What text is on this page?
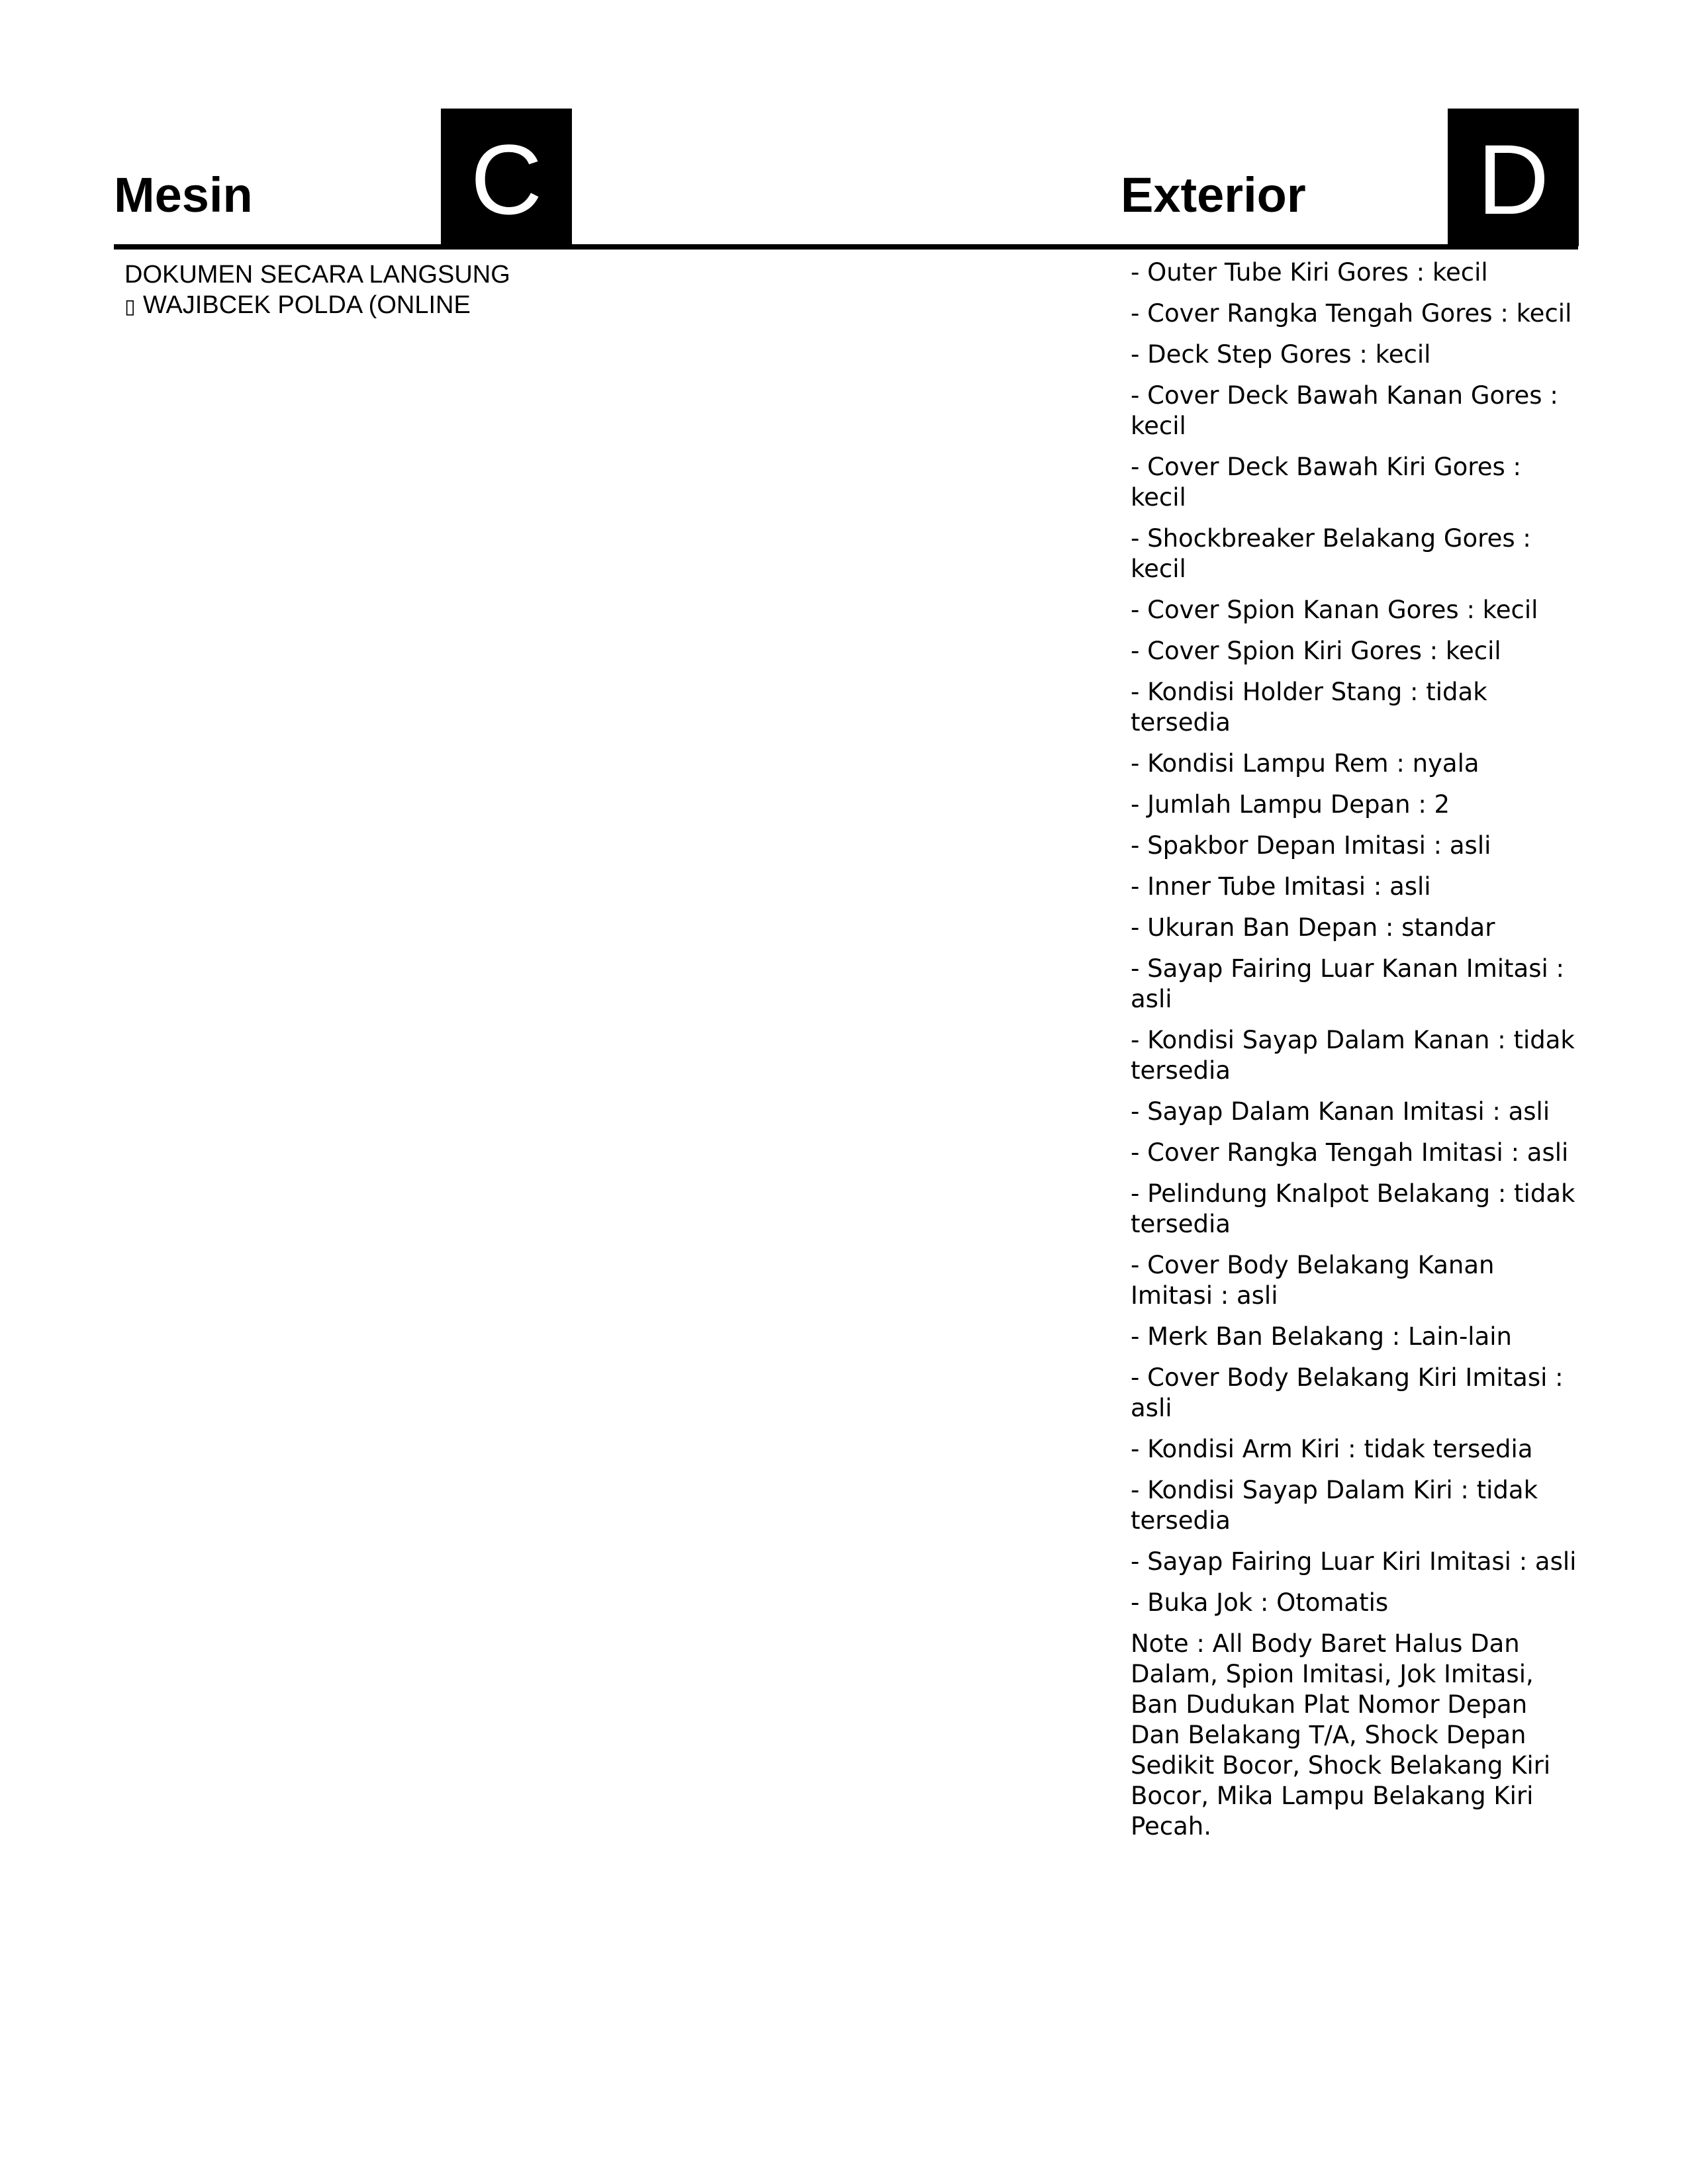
Mesin C	Exterior D
DOKUMEN SECARA LANGSUNG
▯ WAJIBCEK POLDA (ONLINE

- Outer Tube Kiri Gores : kecil

- Cover Rangka Tengah Gores : kecil

- Deck Step Gores : kecil

- Cover Deck Bawah Kanan Gores : kecil

- Cover Deck Bawah Kiri Gores : kecil

- Shockbreaker Belakang Gores : kecil

- Cover Spion Kanan Gores : kecil

- Cover Spion Kiri Gores : kecil

- Kondisi Holder Stang : tidak tersedia

- Kondisi Lampu Rem : nyala

- Jumlah Lampu Depan : 2

- Spakbor Depan Imitasi : asli

- Inner Tube Imitasi : asli

- Ukuran Ban Depan : standar

- Sayap Fairing Luar Kanan Imitasi : asli

- Kondisi Sayap Dalam Kanan : tidak tersedia

- Sayap Dalam Kanan Imitasi : asli

- Cover Rangka Tengah Imitasi : asli

- Pelindung Knalpot Belakang : tidak tersedia

- Cover Body Belakang Kanan Imitasi : asli

- Merk Ban Belakang : Lain-lain

- Cover Body Belakang Kiri Imitasi : asli

- Kondisi Arm Kiri : tidak tersedia

- Kondisi Sayap Dalam Kiri : tidak tersedia

- Sayap Fairing Luar Kiri Imitasi : asli

- Buka Jok : Otomatis

Note : All Body Baret Halus Dan Dalam, Spion Imitasi, Jok Imitasi, Ban Dudukan Plat Nomor Depan Dan Belakang T/A, Shock Depan Sedikit Bocor, Shock Belakang Kiri Bocor, Mika Lampu Belakang Kiri Pecah.
